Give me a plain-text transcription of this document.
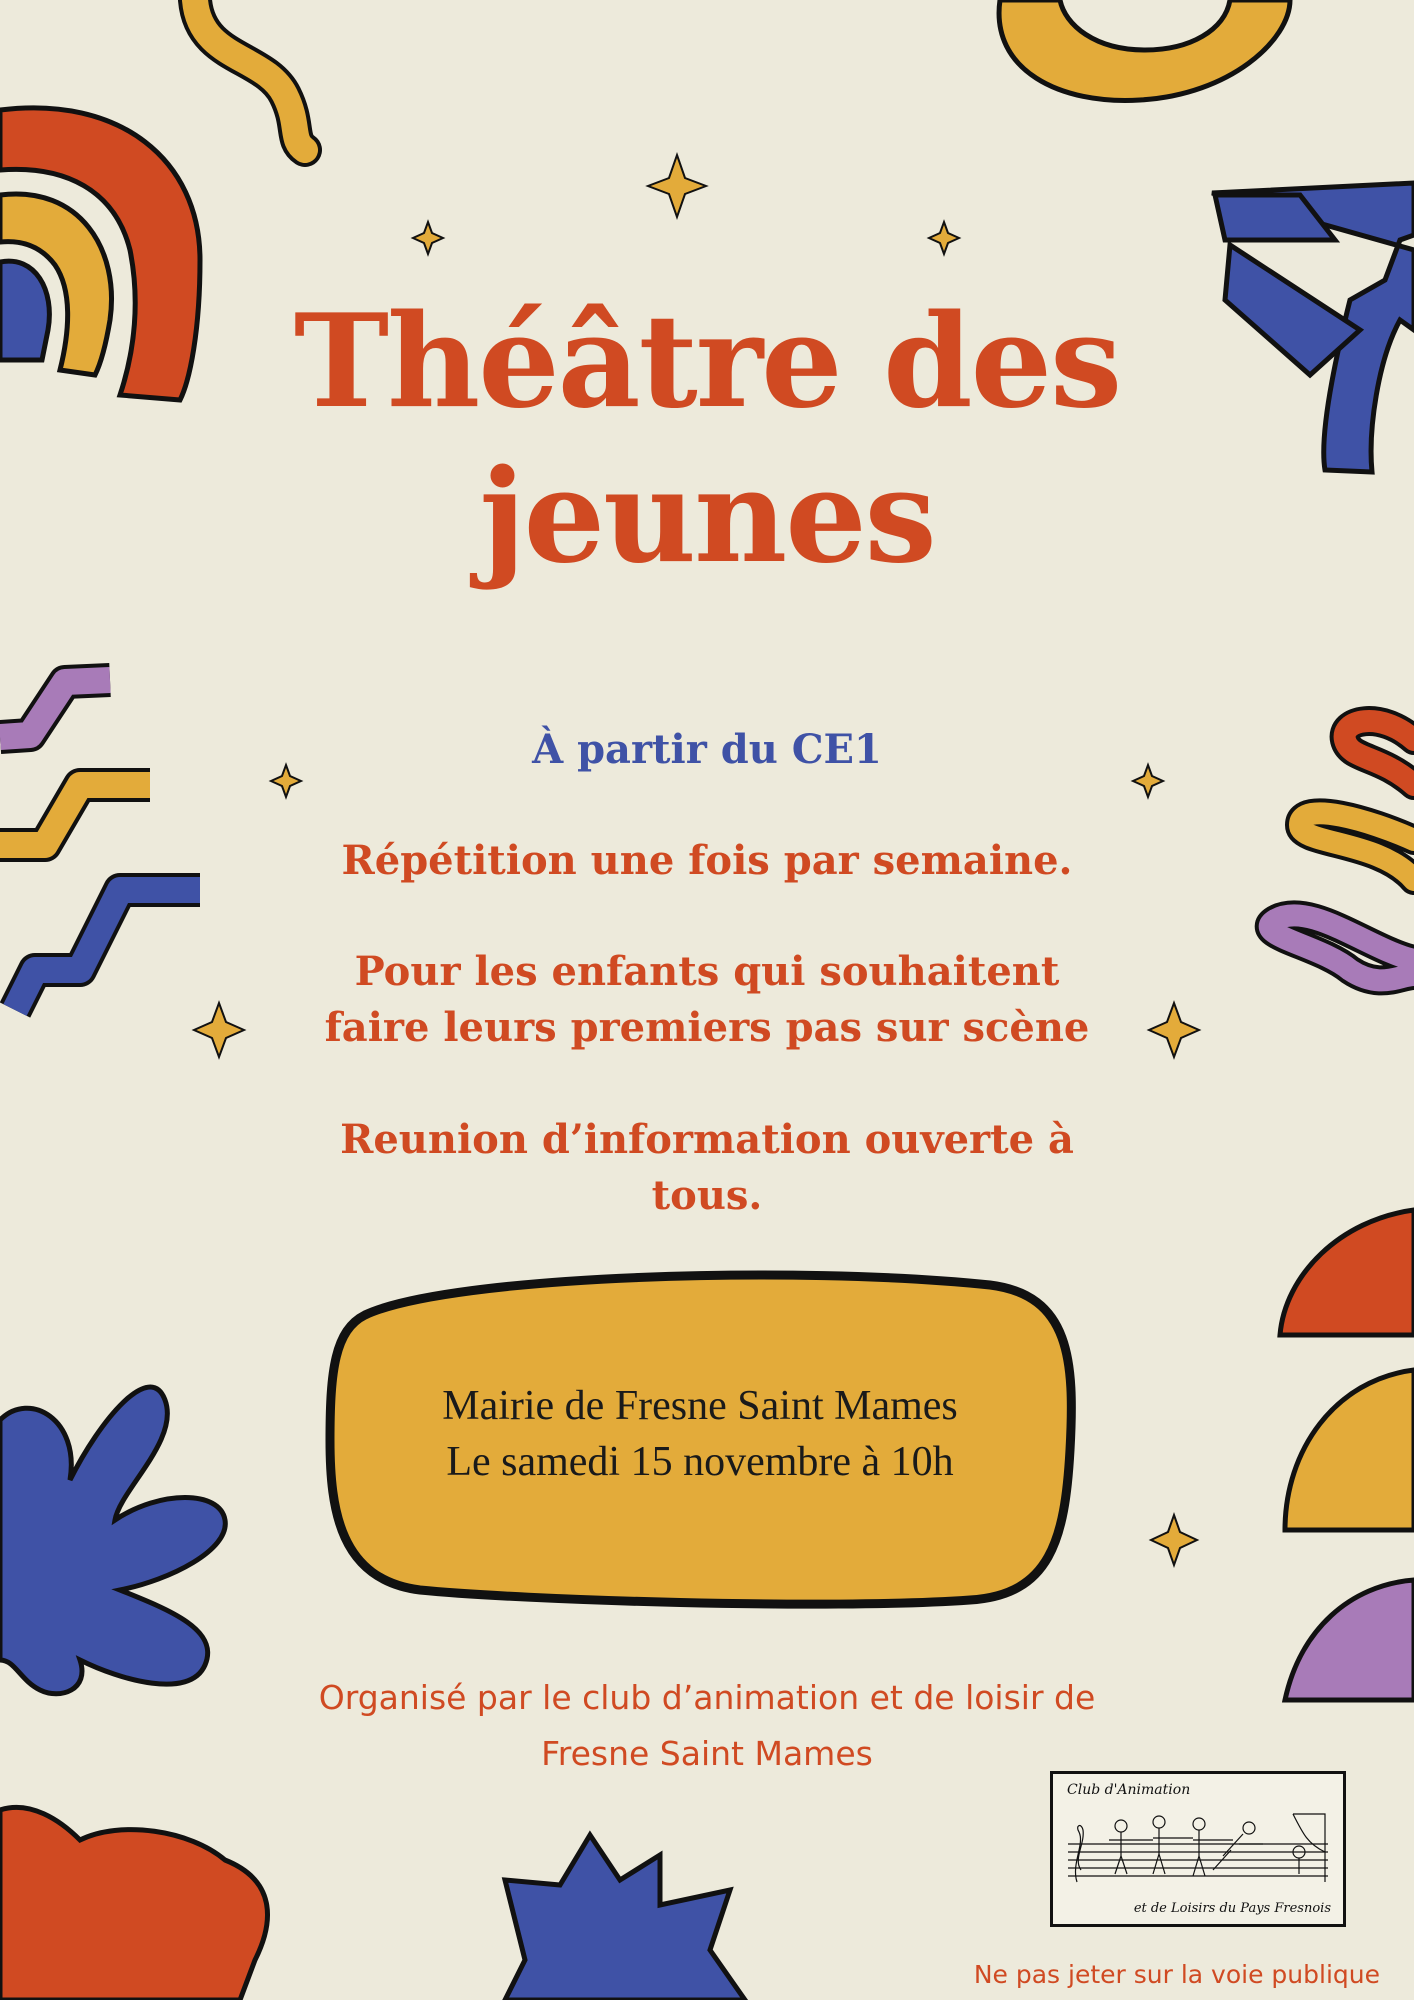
Théâtre des jeunes

À partir du CE1

Répétition une fois par semaine.

Pour les enfants qui souhaitent
faire leurs premiers pas sur scène
Reunion d’information ouverte à
tous.
Mairie de Fresne Saint Mames
Le samedi 15 novembre à 10h
Organisé par le club d’animation et de loisir de
Fresne Saint Mames
Club d'Animation
et de Loisirs du Pays Fresnois
Ne pas jeter sur la voie publique
